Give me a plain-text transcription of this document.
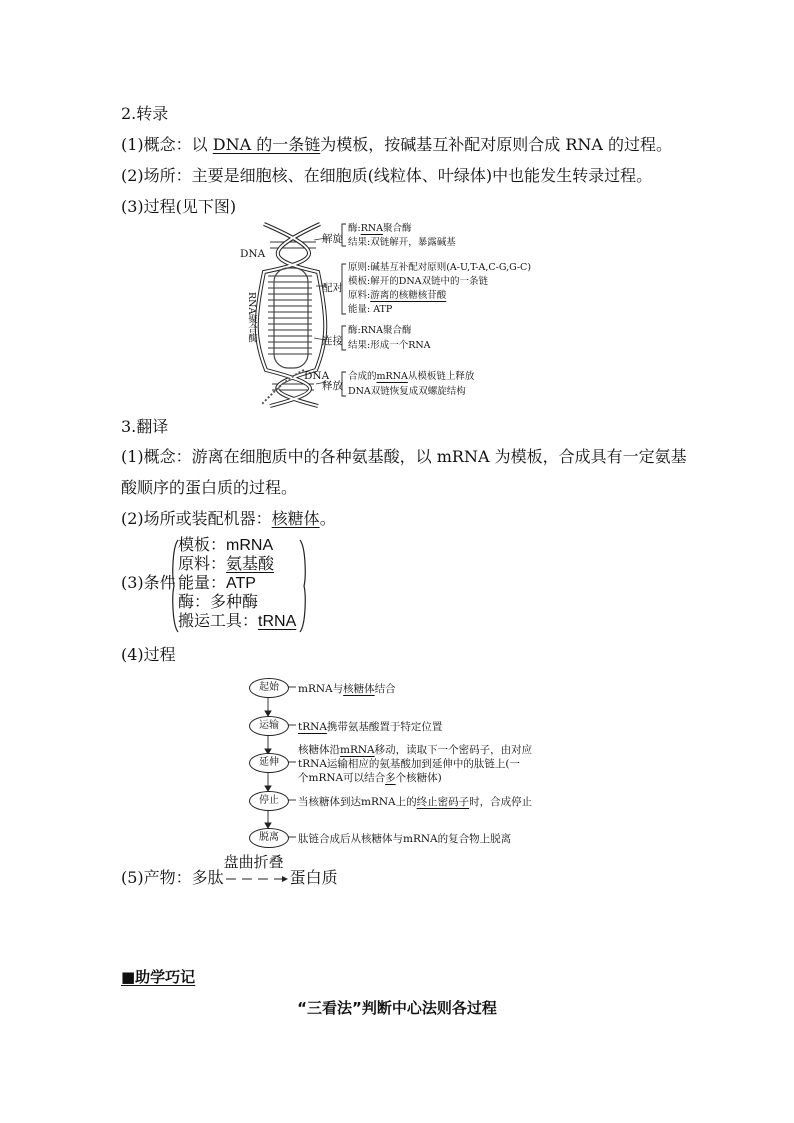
2.转录
(1)概念：以 DNA 的一条链为模板，按碱基互补配对原则合成 RNA 的过程。
(2)场所：主要是细胞核、在细胞质(线粒体、叶绿体)中也能发生转录过程。
(3)过程(见下图)
DNA
DNA
RNA聚合酶
解旋
酶:RNA聚合酶
结果:双链解开，暴露碱基
配对
原则:碱基互补配对原则(A-U,T-A,C-G,G-C)
模板:解开的DNA双链中的一条链
原料:游离的核糖核苷酸
能量: ATP
连接
酶:RNA聚合酶
结果:形成一个RNA
释放
合成的mRNA从模板链上释放
DNA双链恢复成双螺旋结构
3.翻译
(1)概念：游离在细胞质中的各种氨基酸，以 mRNA 为模板，合成具有一定氨基
酸顺序的蛋白质的过程。
(2)场所或装配机器：核糖体。
(3)条件
模板：mRNA
原料：氨基酸
能量：ATP
酶：多种酶
搬运工具：tRNA
(4)过程
起始
运输
延伸
停止
脱离
mRNA与核糖体结合
tRNA携带氨基酸置于特定位置
核糖体沿mRNA移动，读取下一个密码子，由对应
tRNA运输相应的氨基酸加到延伸中的肽链上(一
个mRNA可以结合多个核糖体)
当核糖体到达mRNA上的终止密码子时，合成停止
肽链合成后从核糖体与mRNA的复合物上脱离
(5)产物：多肽
盘曲折叠
蛋白质
■助学巧记
“三看法”判断中心法则各过程
